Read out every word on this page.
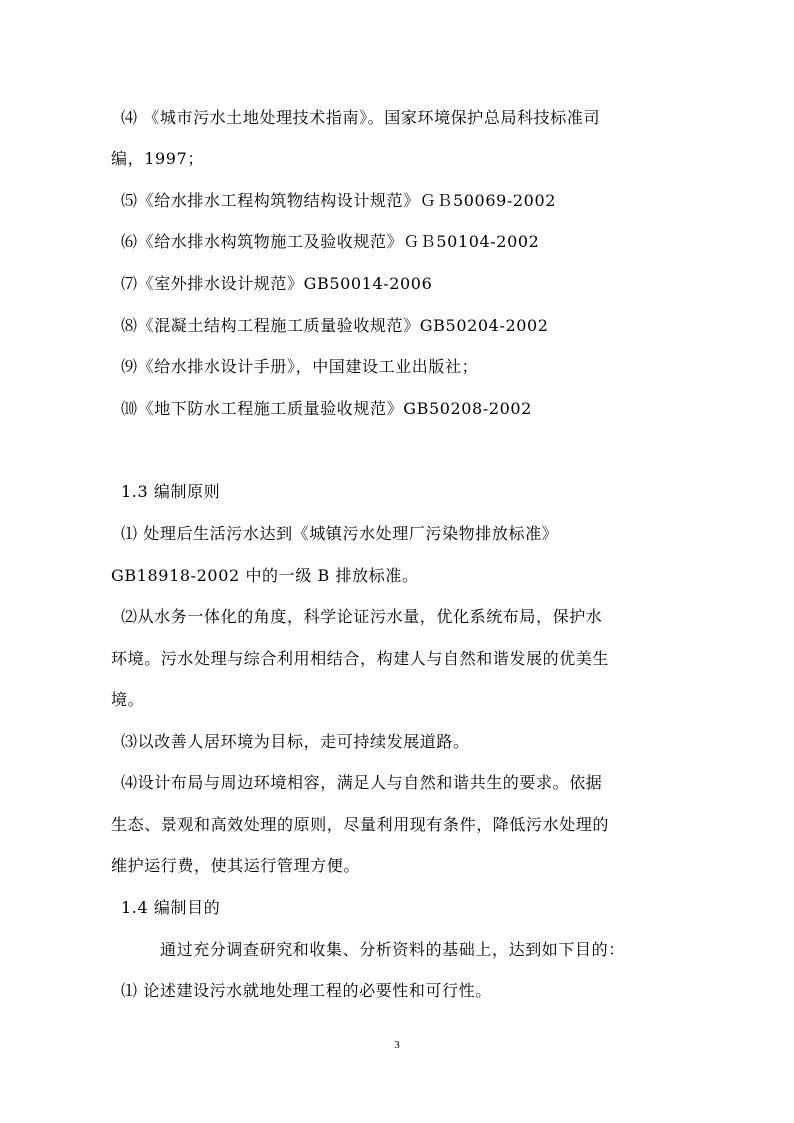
⑷ 《城市污水土地处理技术指南》。国家环境保护总局科技标准司
编，1997；
⑸《给水排水工程构筑物结构设计规范》ＧＢ50069-2002
⑹《给水排水构筑物施工及验收规范》ＧＢ50104-2002
⑺《室外排水设计规范》GB50014-2006
⑻《混凝土结构工程施工质量验收规范》GB50204-2002
⑼《给水排水设计手册》，中国建设工业出版社；
⑽《地下防水工程施工质量验收规范》GB50208-2002
1.3 编制原则
⑴ 处理后生活污水达到《城镇污水处理厂污染物排放标准》
GB18918-2002 中的一级 B 排放标准。
⑵从水务一体化的角度，科学论证污水量，优化系统布局，保护水
环境。污水处理与综合利用相结合，构建人与自然和谐发展的优美生
境。
⑶以改善人居环境为目标，走可持续发展道路。
⑷设计布局与周边环境相容，满足人与自然和谐共生的要求。依据
生态、景观和高效处理的原则，尽量利用现有条件，降低污水处理的
维护运行费，使其运行管理方便。
1.4 编制目的
通过充分调查研究和收集、分析资料的基础上，达到如下目的：
⑴ 论述建设污水就地处理工程的必要性和可行性。
3
